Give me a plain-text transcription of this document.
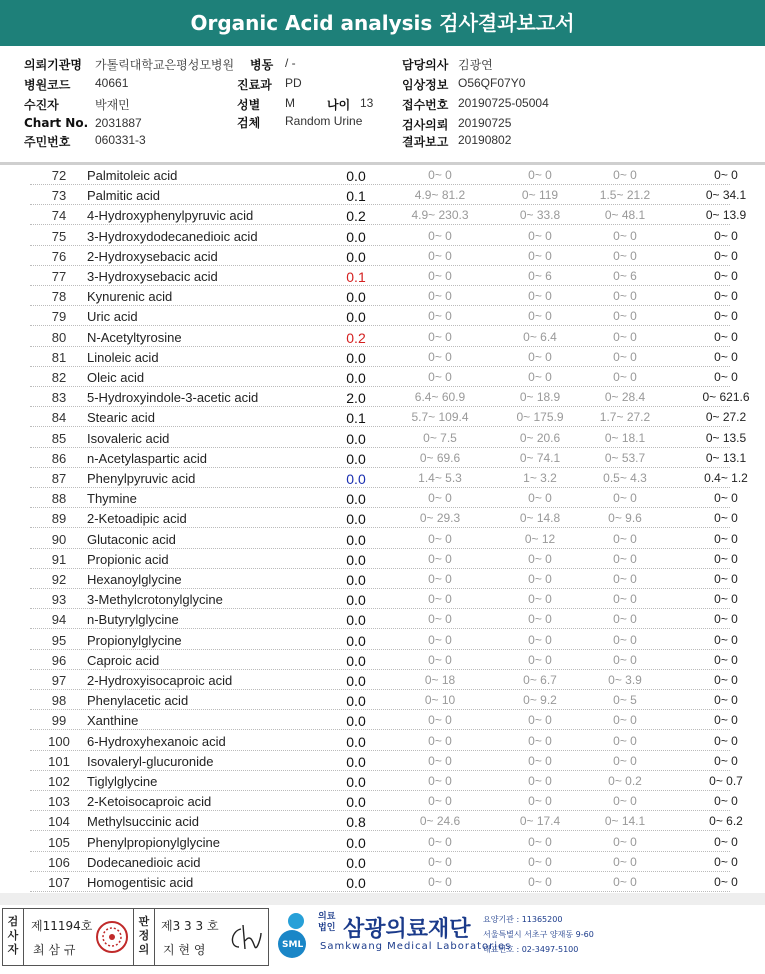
Organic Acid analysis 검사결과보고서
의뢰기관명 가톨릭대학교은평성모병원 병동 / -	담당의사 김광연
병원코드 40661	진료과 PD	임상정보 O56QF07Y0
수진자	박재민	성별 M	나이 13 접수번호 20190725-05004
Chart No. 2031887	검체 Random Urine	검사의뢰 20190725
주민번호 060331-3	결과보고 20190802
72	Palmitoleic acid	0.0	0~ 0	0~ 0	0~ 0	0~ 0
73	Palmitic acid	0.1	4.9~ 81.2	0~ 119	1.5~ 21.2	0~ 34.1
74	4-Hydroxyphenylpyruvic acid	0.2	4.9~ 230.3	0~ 33.8	0~ 48.1	0~ 13.9
75	3-Hydroxydodecanedioic acid	0.0	0~ 0	0~ 0	0~ 0	0~ 0
76	2-Hydroxysebacic acid	0.0	0~ 0	0~ 0	0~ 0	0~ 0
77	3-Hydroxysebacic acid	0.1	0~ 0	0~ 6	0~ 6	0~ 0
78	Kynurenic acid	0.0	0~ 0	0~ 0	0~ 0	0~ 0
79	Uric acid	0.0	0~ 0	0~ 0	0~ 0	0~ 0
80	N-Acetyltyrosine	0.2	0~ 0	0~ 6.4	0~ 0	0~ 0
81	Linoleic acid	0.0	0~ 0	0~ 0	0~ 0	0~ 0
82	Oleic acid	0.0	0~ 0	0~ 0	0~ 0	0~ 0
83	5-Hydroxyindole-3-acetic acid	2.0	6.4~ 60.9	0~ 18.9	0~ 28.4	0~ 621.6
84	Stearic acid	0.1	5.7~ 109.4	0~ 175.9	1.7~ 27.2	0~ 27.2
85	Isovaleric acid	0.0	0~ 7.5	0~ 20.6	0~ 18.1	0~ 13.5
86	n-Acetylaspartic acid	0.0	0~ 69.6	0~ 74.1	0~ 53.7	0~ 13.1
87	Phenylpyruvic acid	0.0	1.4~ 5.3	1~ 3.2	0.5~ 4.3	0.4~ 1.2
88	Thymine	0.0	0~ 0	0~ 0	0~ 0	0~ 0
89	2-Ketoadipic acid	0.0	0~ 29.3	0~ 14.8	0~ 9.6	0~ 0
90	Glutaconic acid	0.0	0~ 0	0~ 12	0~ 0	0~ 0
91	Propionic acid	0.0	0~ 0	0~ 0	0~ 0	0~ 0
92	Hexanoylglycine	0.0	0~ 0	0~ 0	0~ 0	0~ 0
93	3-Methylcrotonylglycine	0.0	0~ 0	0~ 0	0~ 0	0~ 0
94	n-Butyrylglycine	0.0	0~ 0	0~ 0	0~ 0	0~ 0
95	Propionylglycine	0.0	0~ 0	0~ 0	0~ 0	0~ 0
96	Caproic acid	0.0	0~ 0	0~ 0	0~ 0	0~ 0
97	2-Hydroxyisocaproic acid	0.0	0~ 18	0~ 6.7	0~ 3.9	0~ 0
98	Phenylacetic acid	0.0	0~ 10	0~ 9.2	0~ 5	0~ 0
99	Xanthine	0.0	0~ 0	0~ 0	0~ 0	0~ 0
100	6-Hydroxyhexanoic acid	0.0	0~ 0	0~ 0	0~ 0	0~ 0
101	Isovaleryl-glucuronide	0.0	0~ 0	0~ 0	0~ 0	0~ 0
102	Tiglylglycine	0.0	0~ 0	0~ 0	0~ 0.2	0~ 0.7
103	2-Ketoisocaproic acid	0.0	0~ 0	0~ 0	0~ 0	0~ 0
104	Methylsuccinic acid	0.8	0~ 24.6	0~ 17.4	0~ 14.1	0~ 6.2
105	Phenylpropionylglycine	0.0	0~ 0	0~ 0	0~ 0	0~ 0
106	Dodecanedioic acid	0.0	0~ 0	0~ 0	0~ 0	0~ 0
107	Homogentisic acid	0.0	0~ 0	0~ 0	0~ 0	0~ 0
검사자
제11194호
최 삼 규
판정의
제3 3 3 호
지 현 영	SML
의료
법인 삼광의료재단
Samkwang Medical Laboratories
요양기관 : 11365200
서울특별시 서초구 양재동 9-60
대표번호 : 02-3497-5100
